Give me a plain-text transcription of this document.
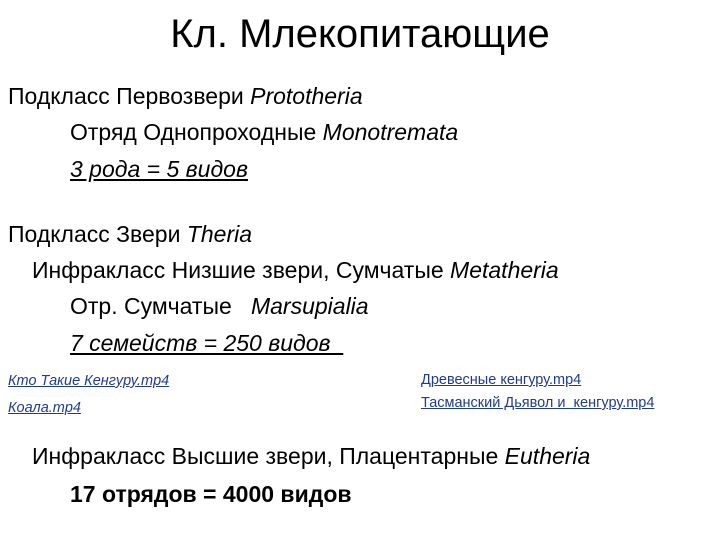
Кл. Млекопитающие
Подкласс Первозвери Prototheria
Отряд Однопроходные Monotremata
3 рода = 5 видов
Подкласс Звери Theria
Инфракласс Низшие звери, Сумчатые Metatheria
Отр. Сумчатые   Marsupialia
7 семейств = 250 видов
Кто Такие Кенгуру.mp4
Коала.mp4
Древесные кенгуру.mp4
Тасманский Дьявол и  кенгуру.mp4
Инфракласс Высшие звери, Плацентарные Eutheria
17 отрядов = 4000 видов
